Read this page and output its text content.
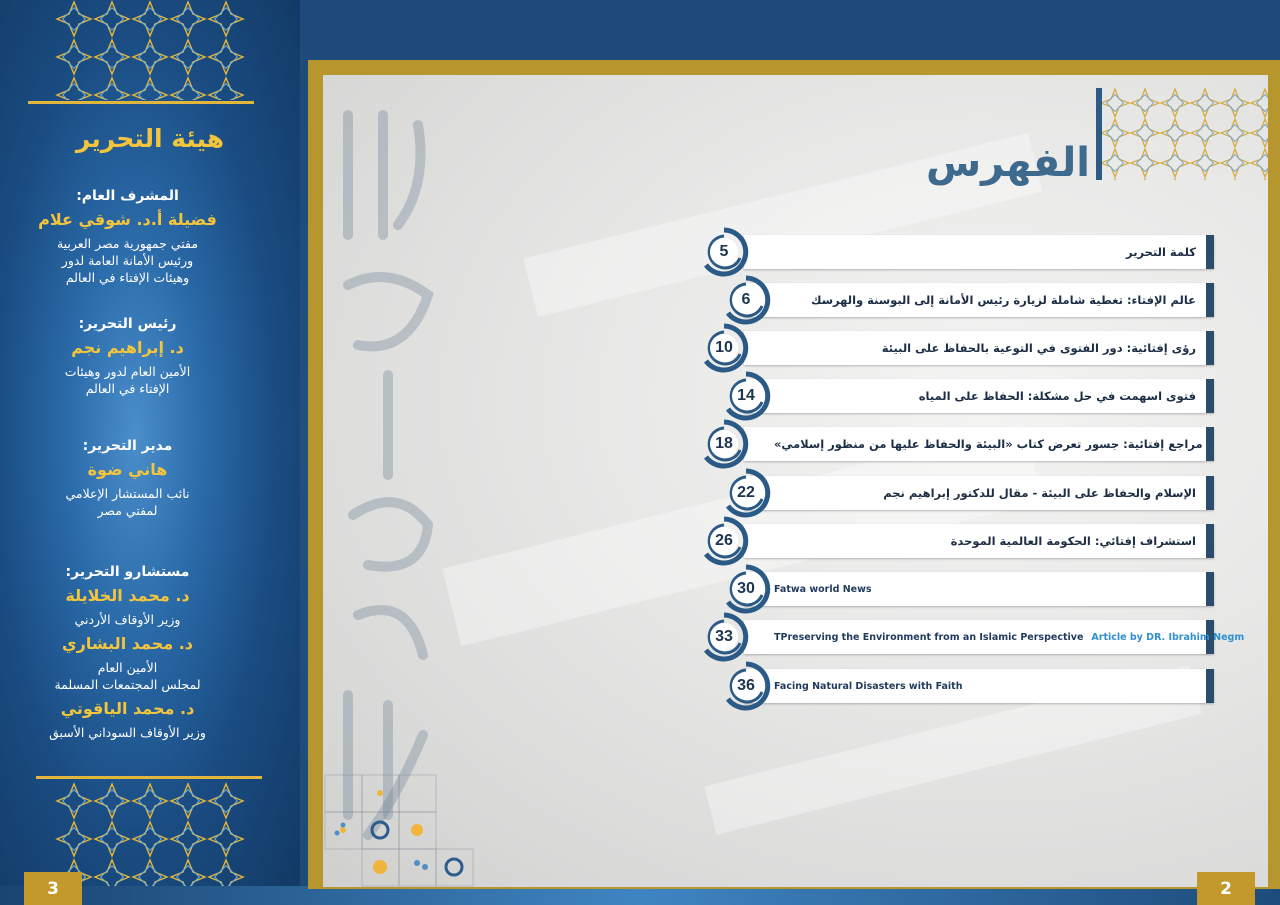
هيئة التحرير
المشرف العام:
فضيلة أ.د. شوقي علام
مفتي جمهورية مصر العربية
ورئيس الأمانة العامة لدور
وهيئات الإفتاء في العالم
رئيس التحرير:
د. إبراهيم نجم
الأمين العام لدور وهيئات
الإفتاء في العالم
مدير التحرير:
هاني ضوة
نائب المستشار الإعلامي
لمفتي مصر
مستشارو التحرير:
د. محمد الخلايلة
وزير الأوقاف الأردني
د. محمد البشاري
الأمين العام
لمجلس المجتمعات المسلمة
د. محمد الياقوتي
وزير الأوقاف السوداني الأسبق
الفهرس
كلمة التحرير
5
عالم الإفتاء: تغطية شاملة لزيارة رئيس الأمانة إلى البوسنة والهرسك
6
رؤى إفتائية: دور الفتوى في التوعية بالحفاظ على البيئة
10
فتوى اسهمت في حل مشكلة: الحفاظ على المياه
14
مراجع إفتائية: جسور تعرض كتاب «البيئة والحفاظ عليها من منظور إسلامي»
18
الإسلام والحفاظ على البيئة - مقال للدكتور إبراهيم نجم
22
استشراف إفتائي: الحكومة العالمية الموحدة
26
Fatwa world News
30
TPreserving the Environment from an Islamic Perspective Article by DR. Ibrahim Negm
33
Facing Natural Disasters with Faith
36
3	2
